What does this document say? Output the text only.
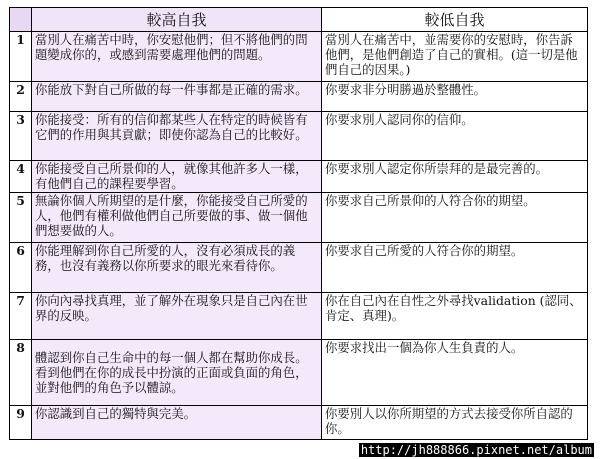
	較高自我	較低自我
1	當別人在痛苦中時，你安慰他們；但不將他們的問題變成你的，或感到需要處理他們的問題。	當別人在痛苦中，並需要你的安慰時，你告訴他們，是他們創造了自己的實相。(這一切是他們自己的因果。)
2	你能放下對自己所做的每一件事都是正確的需求。	你要求非分明勝過於整體性。
3	你能接受：所有的信仰都某些人在特定的時候皆有它們的作用與其貢獻；即使你認為自己的比較好。	你要求別人認同你的信仰。
4	你能接受自己所景仰的人，就像其他許多人一樣，有他們自己的課程要學習。	你要求別人認定你所崇拜的是最完善的。
5	無論你個人所期望的是什麼，你能接受自己所愛的人，他們有權利做他們自己所要做的事、做一個他們想要做的人。	你要求自己所景仰的人符合你的期望。
6	你能理解到你自己所愛的人，沒有必須成長的義務，也沒有義務以你所要求的眼光來看待你。	你要求自己所愛的人符合你的期望。
7	你向內尋找真理，並了解外在現象只是自己內在世界的反映。	你在自己內在自性之外尋找validation (認同、肯定、真理)。
8	體認到你自己生命中的每一個人都在幫助你成長。看到他們在你的成長中扮演的正面或負面的角色，並對他們的角色予以體諒。	你要求找出一個為你人生負責的人。
9	你認識到自己的獨特與完美。	你要別人以你所期望的方式去接受你所自認的你。
http://jh888866.pixnet.net/album
